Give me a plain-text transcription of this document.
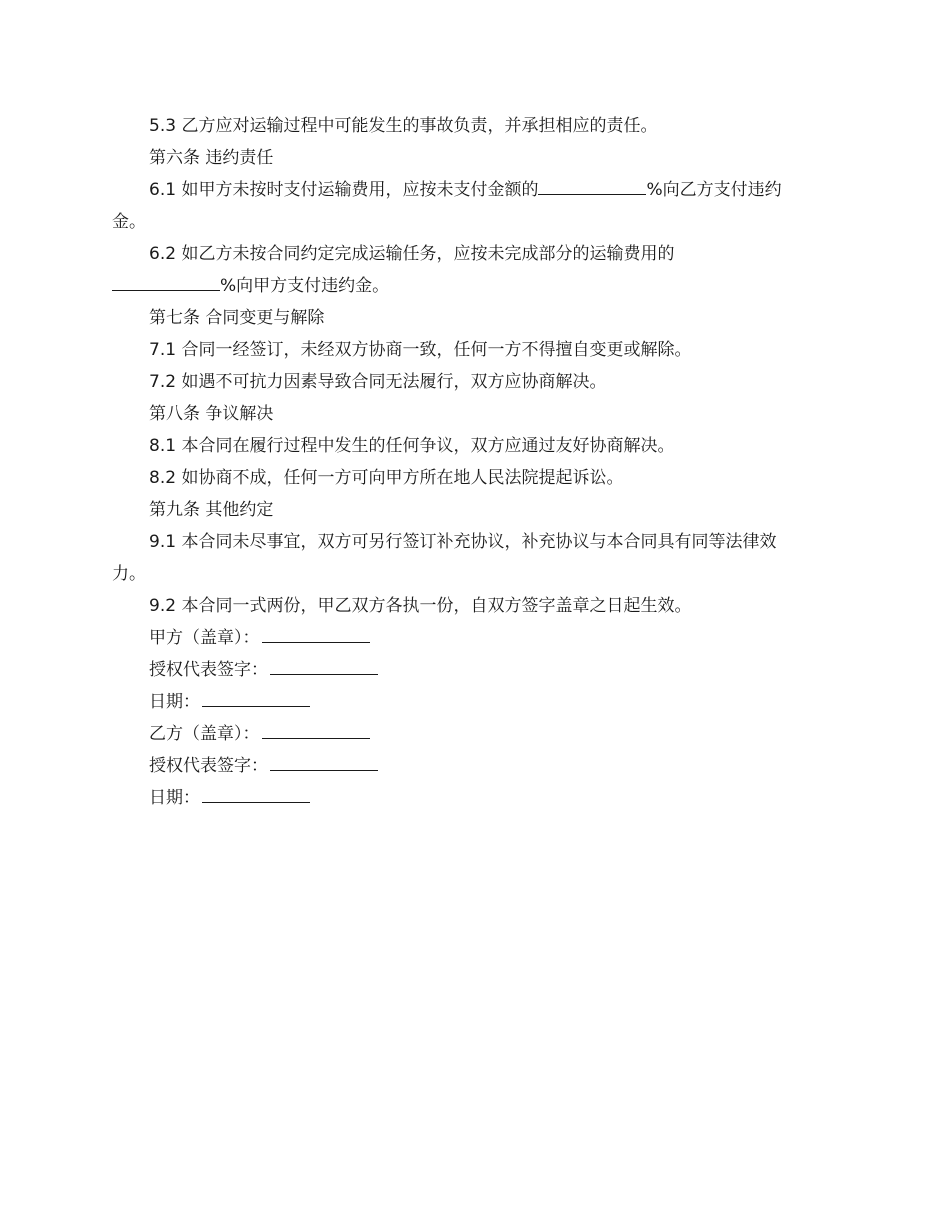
5.3 乙方应对运输过程中可能发生的事故负责，并承担相应的责任。
第六条 违约责任
6.1 如甲方未按时支付运输费用，应按未支付金额的	%向乙方支付违约
金。
6.2 如乙方未按合同约定完成运输任务，应按未完成部分的运输费用的
%向甲方支付违约金。
第七条 合同变更与解除
7.1 合同一经签订，未经双方协商一致，任何一方不得擅自变更或解除。
7.2 如遇不可抗力因素导致合同无法履行，双方应协商解决。
第八条 争议解决
8.1 本合同在履行过程中发生的任何争议，双方应通过友好协商解决。
8.2 如协商不成，任何一方可向甲方所在地人民法院提起诉讼。
第九条 其他约定
9.1 本合同未尽事宜，双方可另行签订补充协议，补充协议与本合同具有同等法律效
力。
9.2 本合同一式两份，甲乙双方各执一份，自双方签字盖章之日起生效。
甲方（盖章）：
授权代表签字：
日期：
乙方（盖章）：
授权代表签字：
日期：
